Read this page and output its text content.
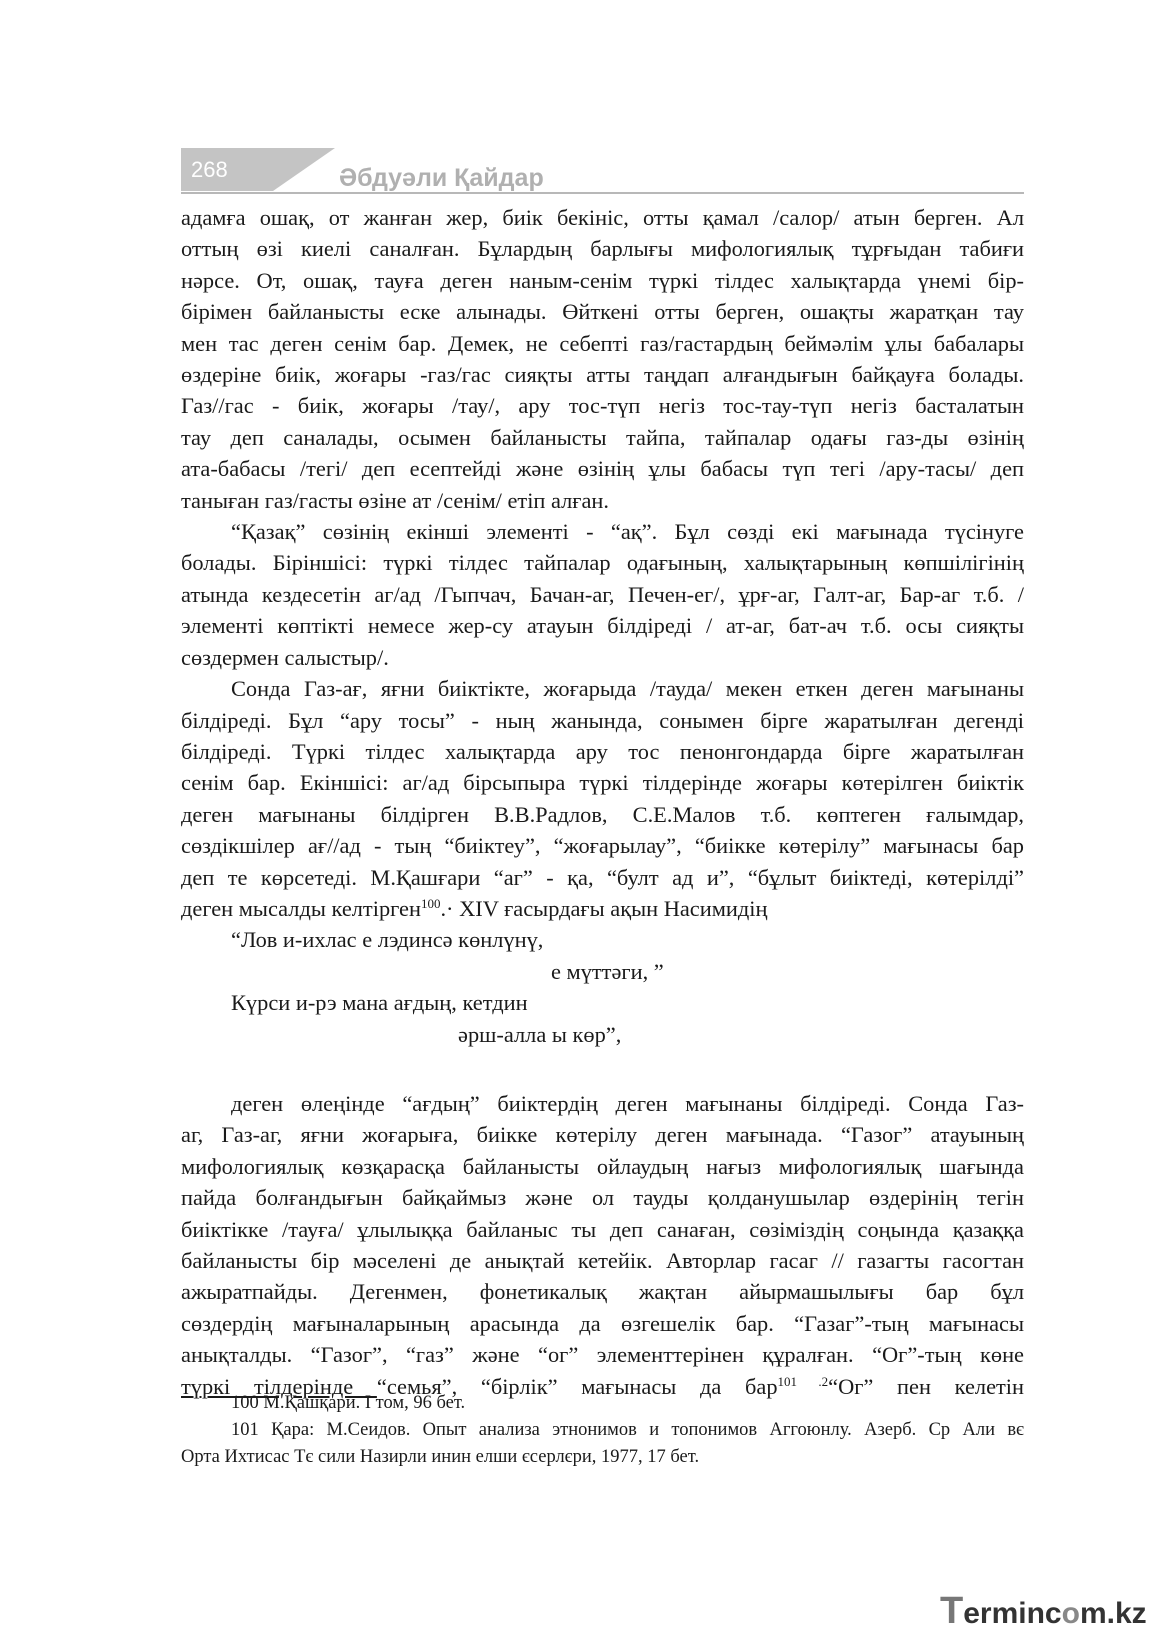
268	Әбдуәли Қайдар
адамға ошақ, от жанған жер, биік бекініс, отты қамал /салор/ атын берген. Ал
оттың өзі киелі саналған. Бұлардың барлығы мифологиялық тұрғыдан табиғи
нәрсе. От, ошақ, тауға деген наным-сенім түркі тілдес халықтарда үнемі бір-
бірімен байланысты еске алынады. Өйткені отты берген, ошақты жаратқан тау
мен тас деген сенім бар. Демек, не себепті газ/гастардың беймәлім ұлы бабалары
өздеріне биік, жоғары -газ/гас сияқты атты таңдап алғандығын байқауға болады.
Газ//гас - биік, жоғары /тау/, ару тос-түп негіз тос-тау-түп негіз басталатын
тау деп саналады, осымен байланысты тайпа, тайпалар одағы газ-ды өзінің
ата-бабасы /тегі/ деп есептейді және өзінің ұлы бабасы түп тегі /ару-тасы/ деп
таныған газ/гасты өзіне ат /сенім/ етіп алған.
“Қазақ” сөзінің екінші элементі - “ақ”. Бұл сөзді екі мағынада түсінуге
болады. Біріншісі: түркі тілдес тайпалар одағының, халықтарының көпшілігінің
атында кездесетін аг/ад /Гыпчач, Бачан-аг, Печен-ег/, ұрғ-аг, Галт-аг, Бар-аг т.б. /
элементі көптікті немесе жер-су атауын білдіреді / ат-аг, бат-ач т.б. осы сияқты
сөздермен салыстыр/.
Сонда Газ-ағ, яғни биіктікте, жоғарыда /тауда/ мекен еткен деген мағынаны
білдіреді. Бұл “ару тосы” - ның жанында, сонымен бірге жаратылған дегенді
білдіреді. Түркі тілдес халықтарда ару тос пенонгондарда бірге жаратылған
сенім бар. Екіншісі: аг/ад бірсыпыра түркі тілдерінде жоғары көтерілген биіктік
деген мағынаны білдірген В.В.Радлов, С.Е.Малов т.б. көптеген ғалымдар,
сөздікшілер ағ//ад - тың “биіктеу”, “жоғарылау”, “биікке көтерілу” мағынасы бар
деп те көрсетеді. М.Қашғари “аг” - қа, “булт ад и”, “бұлыт биіктеді, көтерілді”
деген мысалды келтірген$^{100}$.· XIV ғасырдағы ақын Насимидің
“Лов и-ихлас е лэдинсә көнлүнү,
е мүттәги, ”
Күрси и-рэ мана ағдың, кетдин
әрш-алла ы көр”,
деген өлеңінде “ағдың” биіктердің деген мағынаны білдіреді. Сонда Газ-
аг, Газ-аг, яғни жоғарыға, биікке көтерілу деген мағынада. “Газог” атауының
мифологиялық көзқарасқа байланысты ойлаудың нағыз мифологиялық шағында
пайда болғандығын байқаймыз және ол тауды қолданушылар өздерінің тегін
биіктікке /тауға/ ұлылыққа байланыс ты деп санаған, сөзіміздің соңында қазаққа
байланысты бір мәселені де анықтай кетейік. Авторлар гасаг // газагты гасогтан
ажыратпайды. Дегенмен, фонетикалық жақтан айырмашылығы бар бұл
сөздердің мағыналарының арасында да өзгешелік бар. “Газаг”-тың мағынасы
анықталды. “Газог”, “газ” және “ог” элементтерінен құралған. “Ог”-тың көне
түркі тілдерінде “семья”, “бірлік” мағынасы да бар$^{101 .2}$“Ог” пен келетін
100 М.Қашқари. І том, 96 бет.
101 Қара: М.Сеидов. Опыт анализа этнонимов и топонимов Аггоюнлу. Азерб. Ср Али вє
Орта Ихтисас Тє сили Назирли инин елши єсерлєри, 1977, 17 бет.
Termincom.kz
